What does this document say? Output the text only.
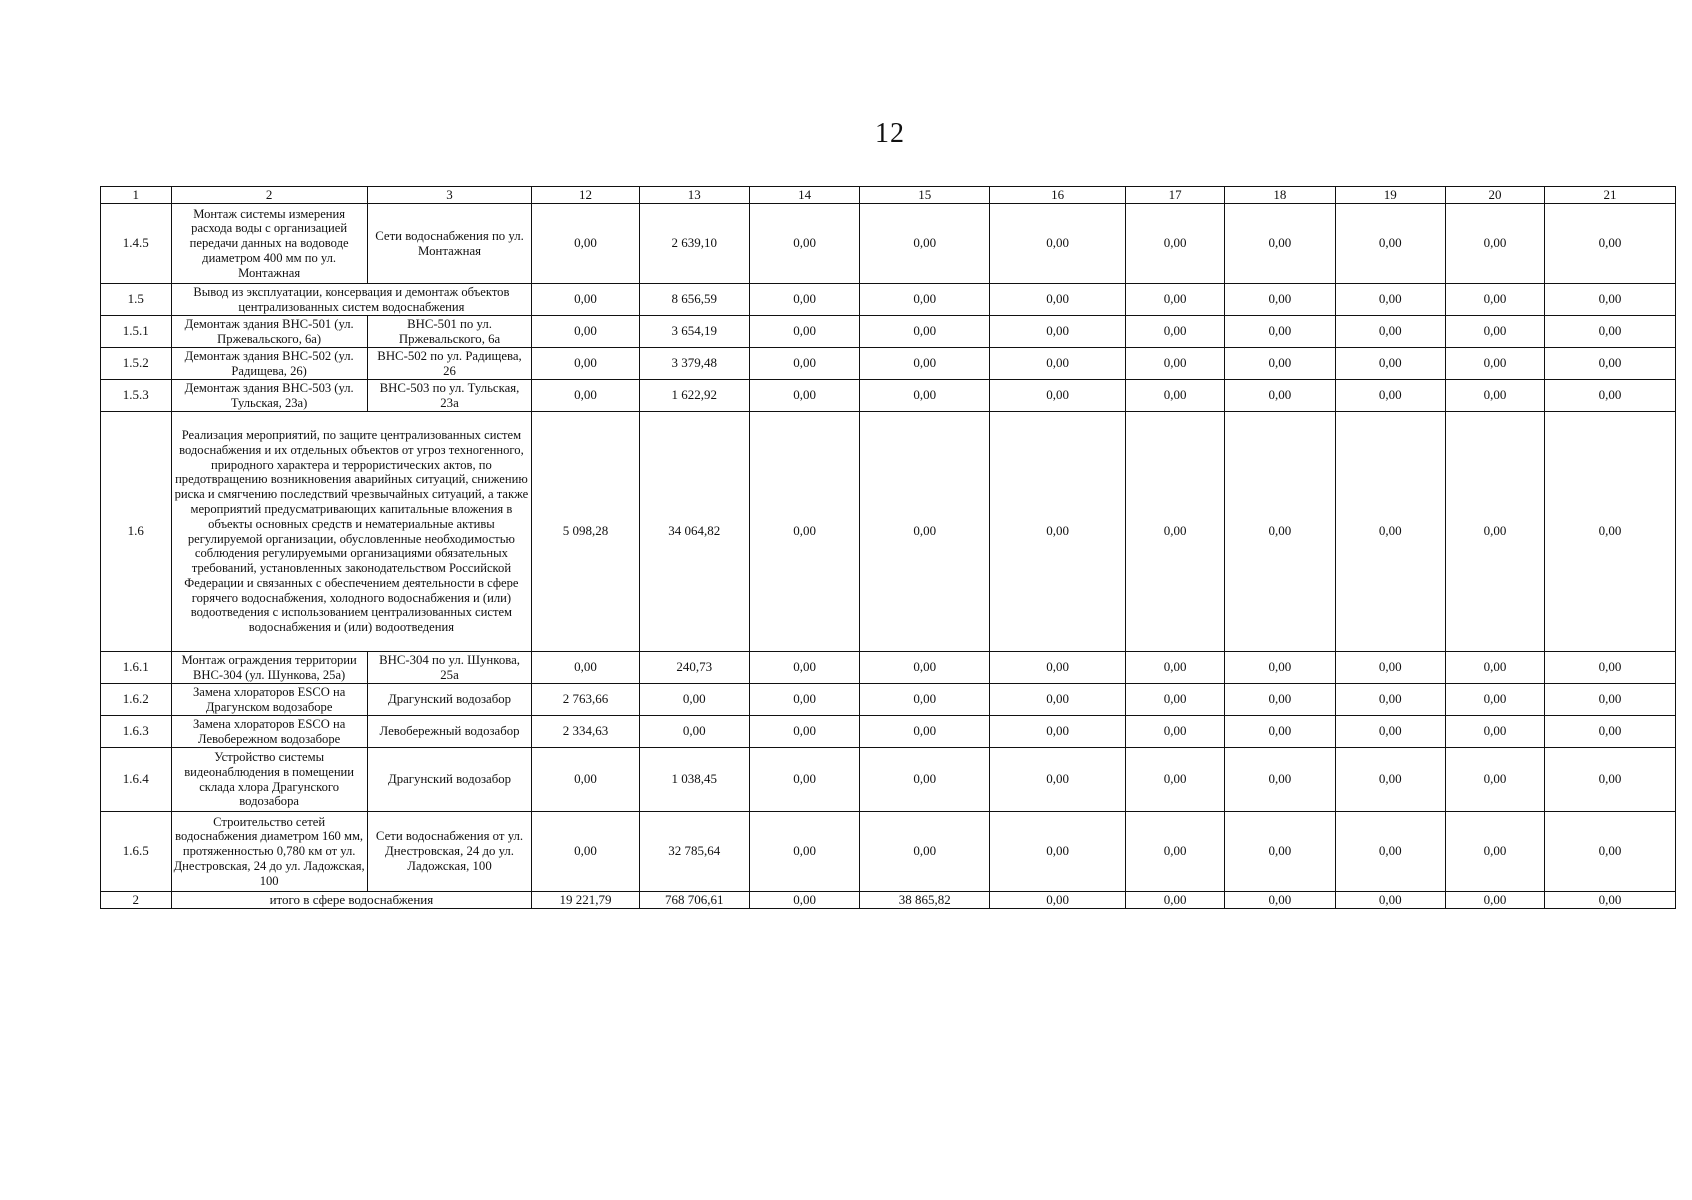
12
1	2	3	12	13	14	15	16	17	18	19	20	21
1.4.5	Монтаж системы измерения расхода воды с организацией передачи данных на водоводе диаметром 400 мм по ул. Монтажная	Сети водоснабжения по ул. Монтажная	0,00	2 639,10	0,00	0,00	0,00	0,00	0,00	0,00	0,00	0,00
1.5	Вывод из эксплуатации, консервация и демонтаж объектов централизованных систем водоснабжения		0,00	8 656,59	0,00	0,00	0,00	0,00	0,00	0,00	0,00	0,00
1.5.1	Демонтаж здания ВНС-501 (ул. Пржевальского, 6а)	ВНС-501 по ул. Пржевальского, 6а	0,00	3 654,19	0,00	0,00	0,00	0,00	0,00	0,00	0,00	0,00
1.5.2	Демонтаж здания ВНС-502 (ул. Радищева, 26)	ВНС-502 по ул. Радищева, 26	0,00	3 379,48	0,00	0,00	0,00	0,00	0,00	0,00	0,00	0,00
1.5.3	Демонтаж здания ВНС-503 (ул. Тульская, 23а)	ВНС-503 по ул. Тульская, 23а	0,00	1 622,92	0,00	0,00	0,00	0,00	0,00	0,00	0,00	0,00
1.6	Реализация мероприятий, по защите централизованных систем водоснабжения и их отдельных объектов от угроз техногенного, природного характера и террористических актов, по предотвращению возникновения аварийных ситуаций, снижению риска и смягчению последствий чрезвычайных ситуаций, а также мероприятий предусматривающих капитальные вложения в объекты основных средств и нематериальные активы регулируемой организации, обусловленные необходимостью соблюдения регулируемыми организациями обязательных требований, установленных законодательством Российской Федерации и связанных с обеспечением деятельности в сфере горячего водоснабжения, холодного водоснабжения и (или) водоотведения с использованием централизованных систем водоснабжения и (или) водоотведения		5 098,28	34 064,82	0,00	0,00	0,00	0,00	0,00	0,00	0,00	0,00
1.6.1	Монтаж ограждения территории ВНС-304 (ул. Шункова, 25а)	ВНС-304 по ул. Шункова, 25а	0,00	240,73	0,00	0,00	0,00	0,00	0,00	0,00	0,00	0,00
1.6.2	Замена хлораторов ESCO на Драгунском водозаборе	Драгунский водозабор	2 763,66	0,00	0,00	0,00	0,00	0,00	0,00	0,00	0,00	0,00
1.6.3	Замена хлораторов ESCO на Левобережном водозаборе	Левобережный водозабор	2 334,63	0,00	0,00	0,00	0,00	0,00	0,00	0,00	0,00	0,00
1.6.4	Устройство системы видеонаблюдения в помещении склада хлора Драгунского водозабора	Драгунский водозабор	0,00	1 038,45	0,00	0,00	0,00	0,00	0,00	0,00	0,00	0,00
1.6.5	Строительство сетей водоснабжения диаметром 160 мм, протяженностью 0,780 км от ул. Днестровская, 24 до ул. Ладожская, 100	Сети водоснабжения от ул. Днестровская, 24 до ул. Ладожская, 100	0,00	32 785,64	0,00	0,00	0,00	0,00	0,00	0,00	0,00	0,00
2	итого в сфере водоснабжения		19 221,79	768 706,61	0,00	38 865,82	0,00	0,00	0,00	0,00	0,00	0,00
